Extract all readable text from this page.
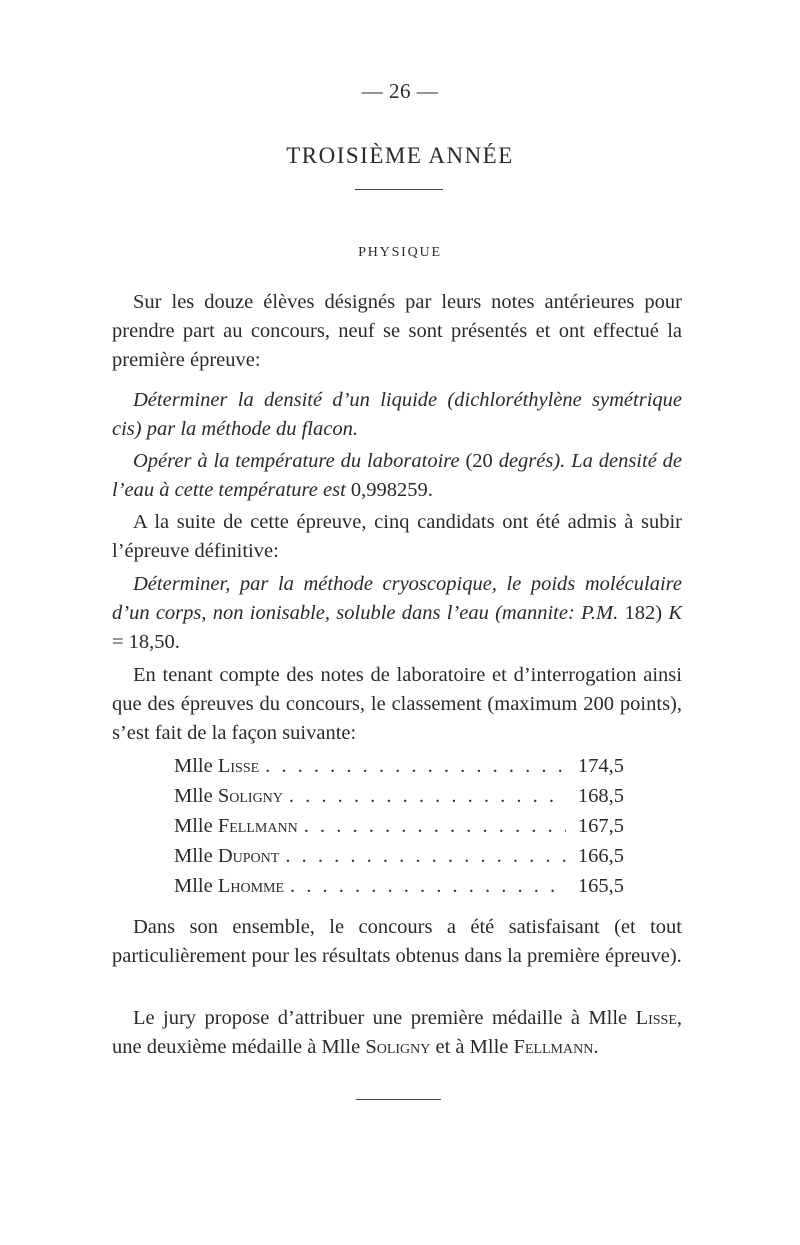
— 26 —
TROISIÈME ANNÉE
PHYSIQUE

Sur les douze élèves désignés par leurs notes antérieures pour prendre part au concours, neuf se sont présentés et ont effectué la première épreuve:

Déterminer la densité d’un liquide (dichloréthylène symétrique cis) par la méthode du flacon.

Opérer à la température du laboratoire (20 degrés). La densité de l’eau à cette température est 0,998259.

A la suite de cette épreuve, cinq candidats ont été admis à subir l’épreuve définitive:

Déterminer, par la méthode cryoscopique, le poids moléculaire d’un corps, non ionisable, soluble dans l’eau (mannite: P.M. 182) K = 18,50.

En tenant compte des notes de laboratoire et d’interrogation ainsi que des épreuves du concours, le classement (maximum 200 points), s’est fait de la façon suivante:

Mlle Lisse . . .	174,5
Mlle Soligny . . .	168,5
Mlle Fellmann . . .	167,5
Mlle Dupont . . .	166,5
Mlle Lhomme . . .	165,5

Dans son ensemble, le concours a été satisfaisant (et tout particulièrement pour les résultats obtenus dans la première épreuve).

Le jury propose d’attribuer une première médaille à Mlle Lisse, une deuxième médaille à Mlle Soligny et à Mlle Fellmann.
